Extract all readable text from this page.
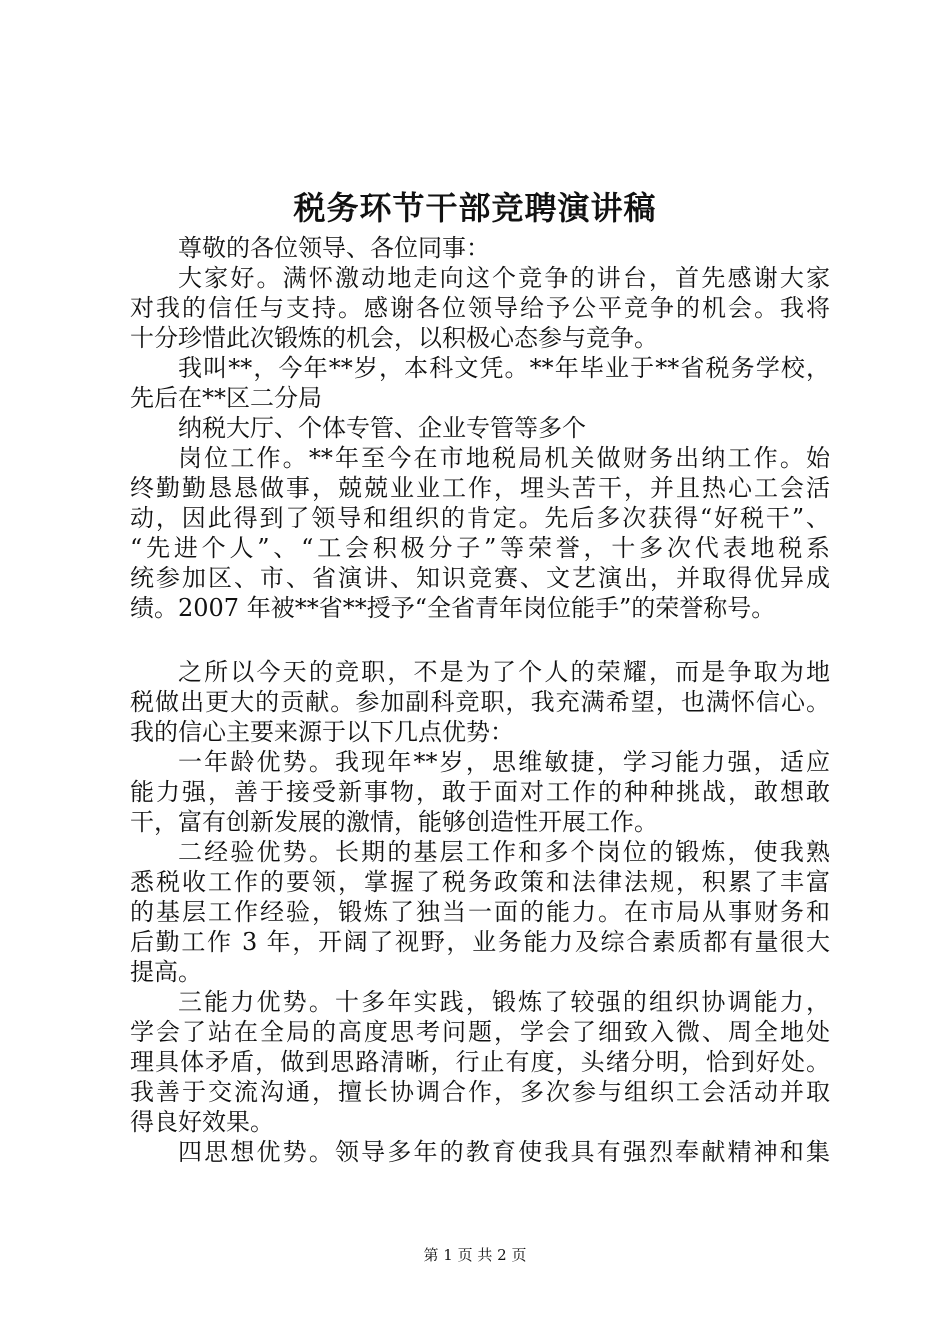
税务环节干部竞聘演讲稿
尊敬的各位领导、各位同事：
大家好。满怀激动地走向这个竞争的讲台，首先感谢大家
对我的信任与支持。感谢各位领导给予公平竞争的机会。我将
十分珍惜此次锻炼的机会，以积极心态参与竞争。
我叫**，今年**岁，本科文凭。**年毕业于**省税务学校，
先后在**区二分局
纳税大厅、个体专管、企业专管等多个
岗位工作。**年至今在市地税局机关做财务出纳工作。始
终勤勤恳恳做事，兢兢业业工作，埋头苦干，并且热心工会活
动，因此得到了领导和组织的肯定。先后多次获得“好税干”、
“先进个人”、“工会积极分子”等荣誉，十多次代表地税系
统参加区、市、省演讲、知识竞赛、文艺演出，并取得优异成
绩。2007 年被**省**授予“全省青年岗位能手”的荣誉称号。
之所以今天的竞职，不是为了个人的荣耀，而是争取为地
税做出更大的贡献。参加副科竞职，我充满希望，也满怀信心。
我的信心主要来源于以下几点优势：
一年龄优势。我现年**岁，思维敏捷，学习能力强，适应
能力强，善于接受新事物，敢于面对工作的种种挑战，敢想敢
干，富有创新发展的激情，能够创造性开展工作。
二经验优势。长期的基层工作和多个岗位的锻炼，使我熟
悉税收工作的要领，掌握了税务政策和法律法规，积累了丰富
的基层工作经验，锻炼了独当一面的能力。在市局从事财务和
后勤工作 3 年，开阔了视野，业务能力及综合素质都有量很大
提高。
三能力优势。十多年实践，锻炼了较强的组织协调能力，
学会了站在全局的高度思考问题，学会了细致入微、周全地处
理具体矛盾，做到思路清晰，行止有度，头绪分明，恰到好处。
我善于交流沟通，擅长协调合作，多次参与组织工会活动并取
得良好效果。
四思想优势。领导多年的教育使我具有强烈奉献精神和集
第 1 页 共 2 页
